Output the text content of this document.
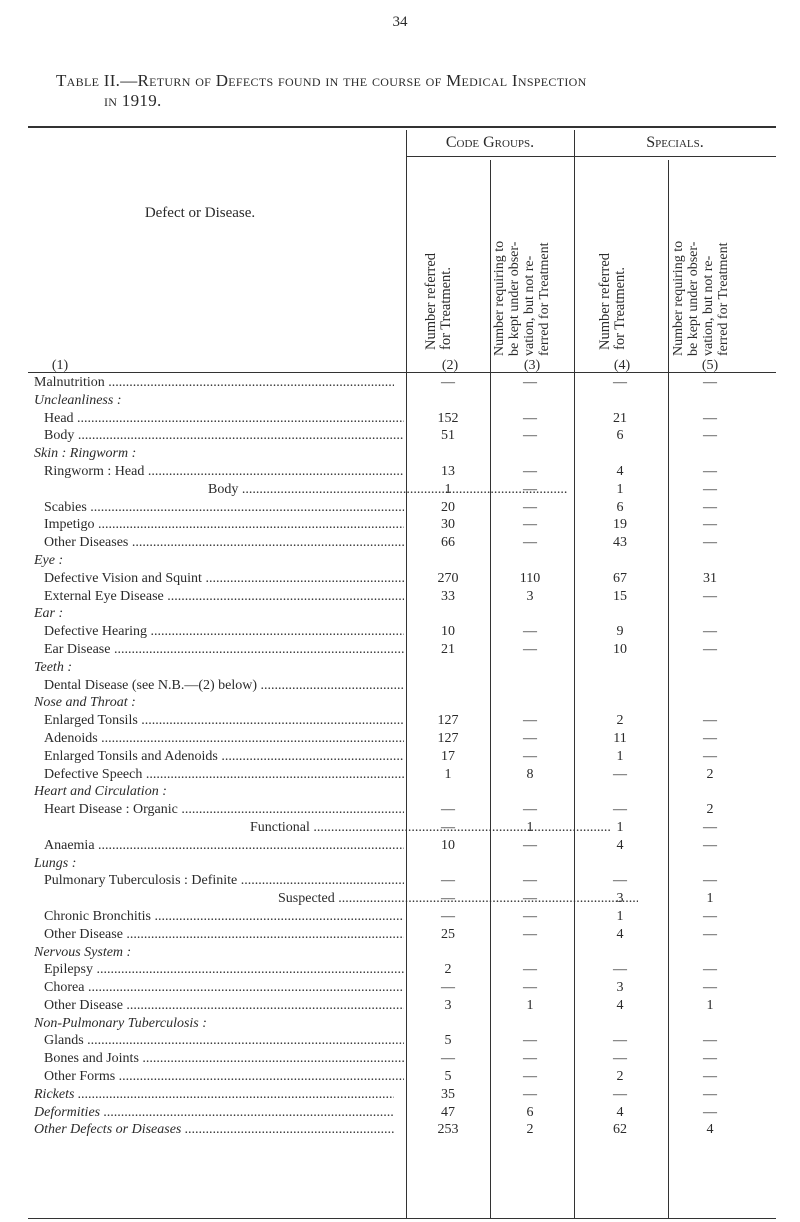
34
Table II.—Return of Defects found in the course of Medical Inspection
in 1919.
Code Groups.	Specials.
Defect or Disease.
(1)
Number referred for Treatment.
(2)
Number requiring to be kept under obser- vation, but not re- ferred for Treatment
(3)
Number referred for Treatment.
(4)
Number requiring to be kept under obser- vation, but not re- ferred for Treatment
(5)
Malnutrition .....	—	—	—	—
Uncleanliness :
Head .....	152	—	21	—
Body .....	51	—	6	—
Skin : Ringworm :
Ringworm : Head .....	13	—	4	—
Body .....	1	—	1	—
Scabies .....	20	—	6	—
Impetigo .....	30	—	19	—
Other Diseases .....	66	—	43	—
Eye :
Defective Vision and Squint .....	270	110	67	31
External Eye Disease .....	33	3	15	—
Ear :
Defective Hearing .....	10	—	9	—
Ear Disease .....	21	—	10	—
Teeth :
Dental Disease (see N.B.—(2) below) .....
Nose and Throat :
Enlarged Tonsils .....	127	—	2	—
Adenoids .....	127	—	11	—
Enlarged Tonsils and Adenoids .....	17	—	1	—
Defective Speech .....	1	8	—	2
Heart and Circulation :
Heart Disease : Organic .....	—	—	—	2
Functional .....	—	1	1	—
Anaemia .....	10	—	4	—
Lungs :
Pulmonary Tuberculosis : Definite .....	—	—	—	—
Suspected .....	—	—	3	1
Chronic Bronchitis .....	—	—	1	—
Other Disease .....	25	—	4	—
Nervous System :
Epilepsy .....	2	—	—	—
Chorea .....	—	—	3	—
Other Disease .....	3	1	4	1
Non-Pulmonary Tuberculosis :
Glands .....	5	—	—	—
Bones and Joints .....	—	—	—	—
Other Forms .....	5	—	2	—
Rickets .....	35	—	—	—
Deformities .....	47	6	4	—
Other Defects or Diseases .....	253	2	62	4
